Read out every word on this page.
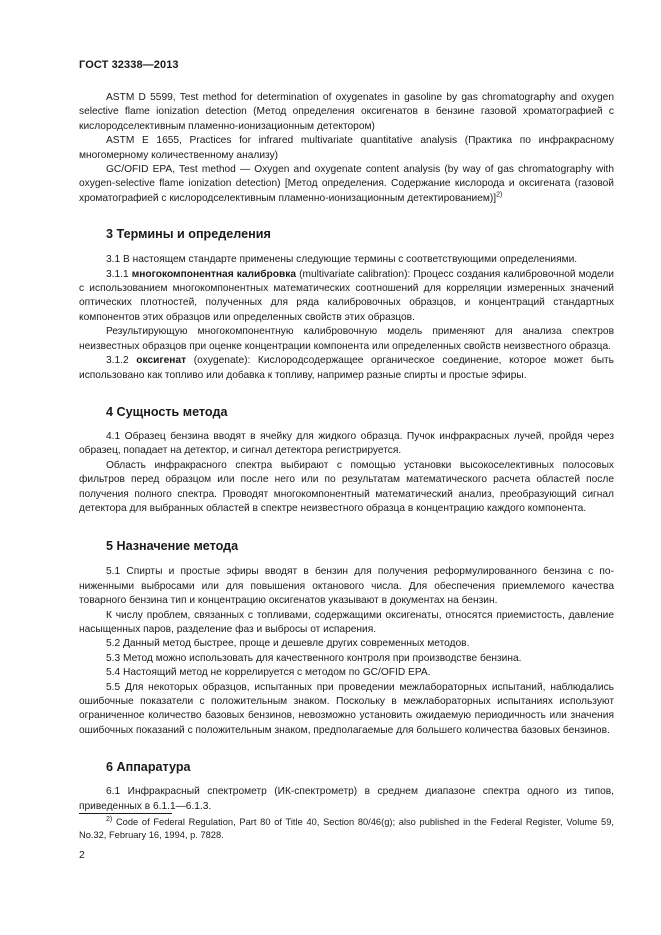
ГОСТ 32338—2013

ASTM D 5599, Test method for determination of oxygenates in gasoline by gas chromatography and oxygen selective flame ionization detection (Метод определения оксигенатов в бензине газовой хроматографией с кислородселективным пламенно-ионизационным детектором)

ASTM E 1655, Practices for infrared multivariate quantitative analysis (Практика по инфракрасному многомерному количественному анализу)

GC/OFID EPA, Test method — Oxygen and oxygenate content analysis (by way of gas chromatography with oxygen-selective flame ionization detection) [Метод определения. Содержание кислорода и оксигената (газовой хроматографией с кислородселективным пламенно-ионизационным детектированием)]$^{2)}$

3 Термины и определения

3.1 В настоящем стандарте применены следующие термины с соответствующими определениями.

3.1.1 многокомпонентная калибровка (multivariate calibration): Процесс создания калибровочной модели с использованием многокомпонентных математических соотношений для корреляции измеренных значений оптических плотностей, полученных для ряда калибровочных образцов, и концентраций стандартных компонентов этих образцов или определенных свойств этих образцов.

Результирующую многокомпонентную калибровочную модель применяют для анализа спектров неизвестных образцов при оценке концентрации компонента или определенных свойств неизвестного образца.

3.1.2 оксигенат (oxygenate): Кислородсодержащее органическое соединение, которое может быть использовано как топливо или добавка к топливу, например разные спирты и простые эфиры.

4 Сущность метода

4.1 Образец бензина вводят в ячейку для жидкого образца. Пучок инфракрасных лучей, пройдя через образец, попадает на детектор, и сигнал детектора регистрируется.

Область инфракрасного спектра выбирают с помощью установки высокоселективных полосовых фильтров перед образцом или после него или по результатам математического расчета областей после получения полного спектра. Проводят многокомпонентный математический анализ, преобразующий сигнал детектора для выбранных областей в спектре неизвестного образца в концентрацию каждого компонента.

5 Назначение метода

5.1 Спирты и простые эфиры вводят в бензин для получения реформулированного бензина с пониженными выбросами или для повышения октанового числа. Для обеспечения приемлемого качества товарного бензина тип и концентрацию оксигенатов указывают в документах на бензин.

К числу проблем, связанных с топливами, содержащими оксигенаты, относятся приемистость, давление насыщенных паров, разделение фаз и выбросы от испарения.

5.2 Данный метод быстрее, проще и дешевле других современных методов.

5.3 Метод можно использовать для качественного контроля при производстве бензина.

5.4 Настоящий метод не коррелируется с методом по GC/OFID EPA.

5.5 Для некоторых образцов, испытанных при проведении межлабораторных испытаний, наблюдались ошибочные показатели с положительным знаком. Поскольку в межлабораторных испытаниях используют ограниченное количество базовых бензинов, невозможно установить ожидаемую периодичность или значения ошибочных показаний с положительным знаком, предполагаемые для большего количества базовых бензинов.

6 Аппаратура

6.1 Инфракрасный спектрометр (ИК-спектрометр) в среднем диапазоне спектра одного из типов, приведенных в 6.1.1—6.1.3.

$^{2)}$ Code of Federal Regulation, Part 80 of Title 40, Section 80/46(g); also published in the Federal Register, Volume 59, No.32, February 16, 1994, p. 7828.
2
